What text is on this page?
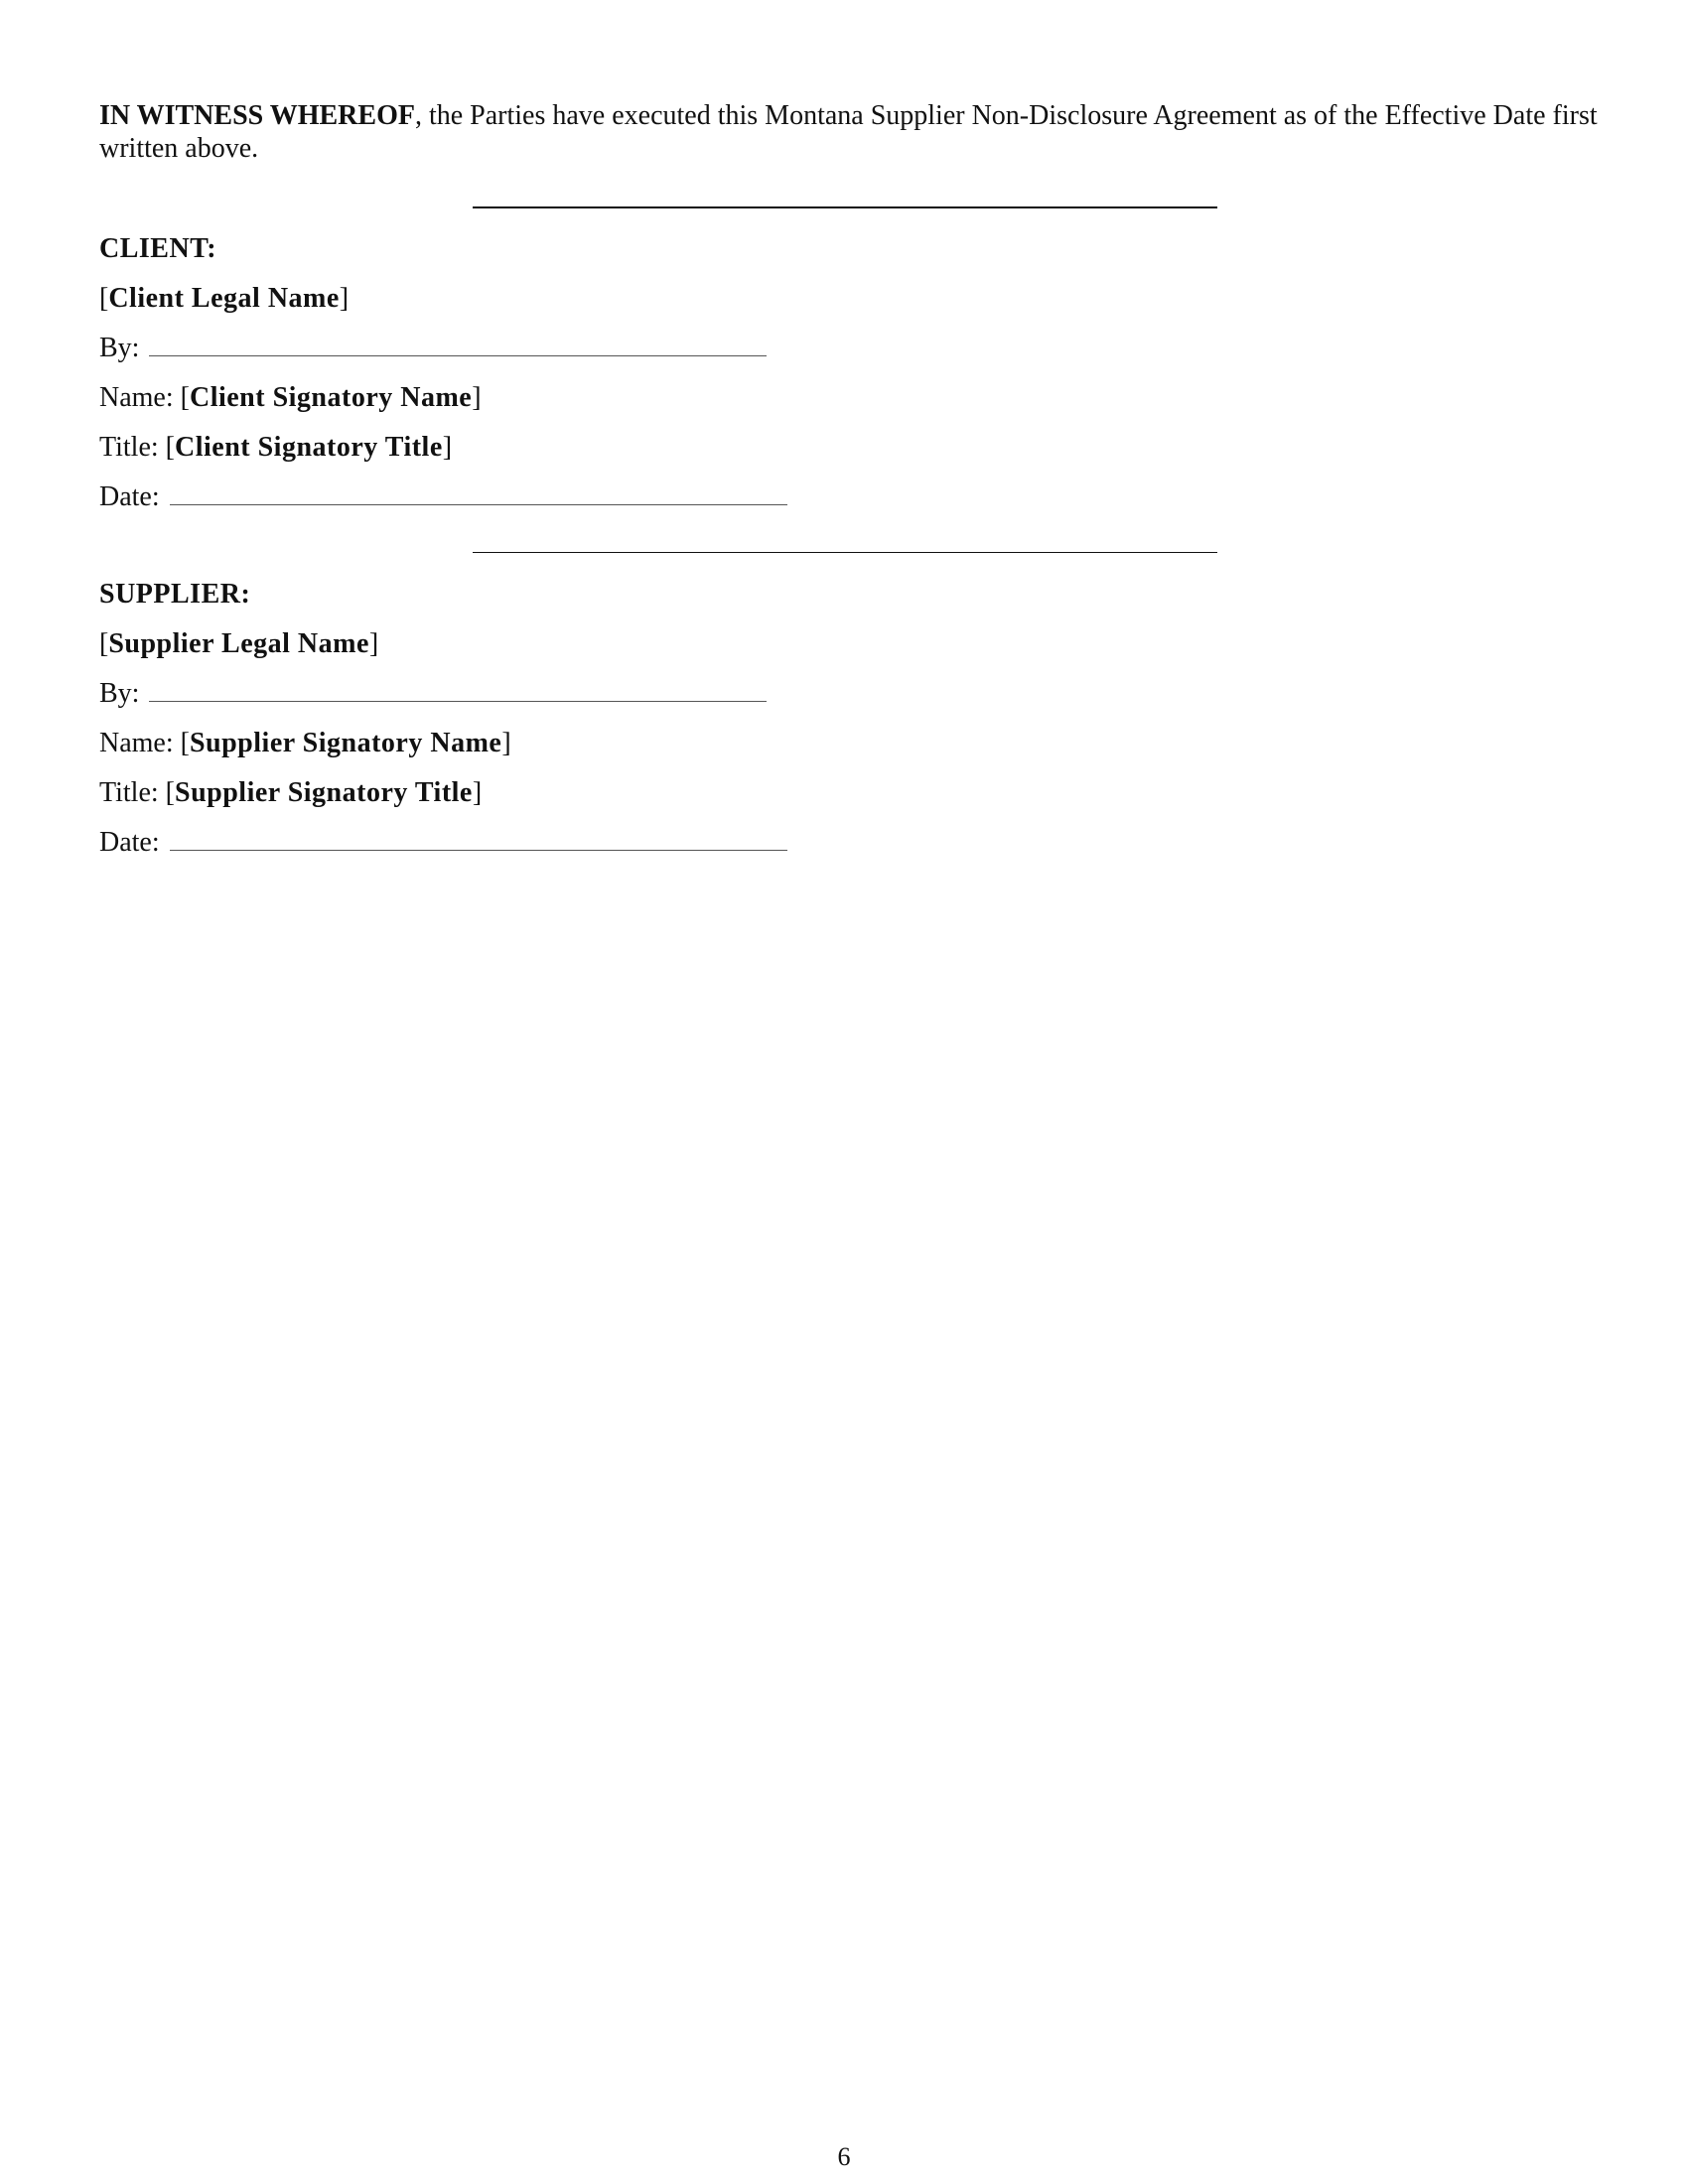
IN WITNESS WHEREOF, the Parties have executed this Montana Supplier Non-Disclosure Agreement as of the Effective Date first written above.

CLIENT:
[Client Legal Name]
By:
Name: [Client Signatory Name]
Title: [Client Signatory Title]
Date:
SUPPLIER:
[Supplier Legal Name]
By:
Name: [Supplier Signatory Name]
Title: [Supplier Signatory Title]
Date:
6
